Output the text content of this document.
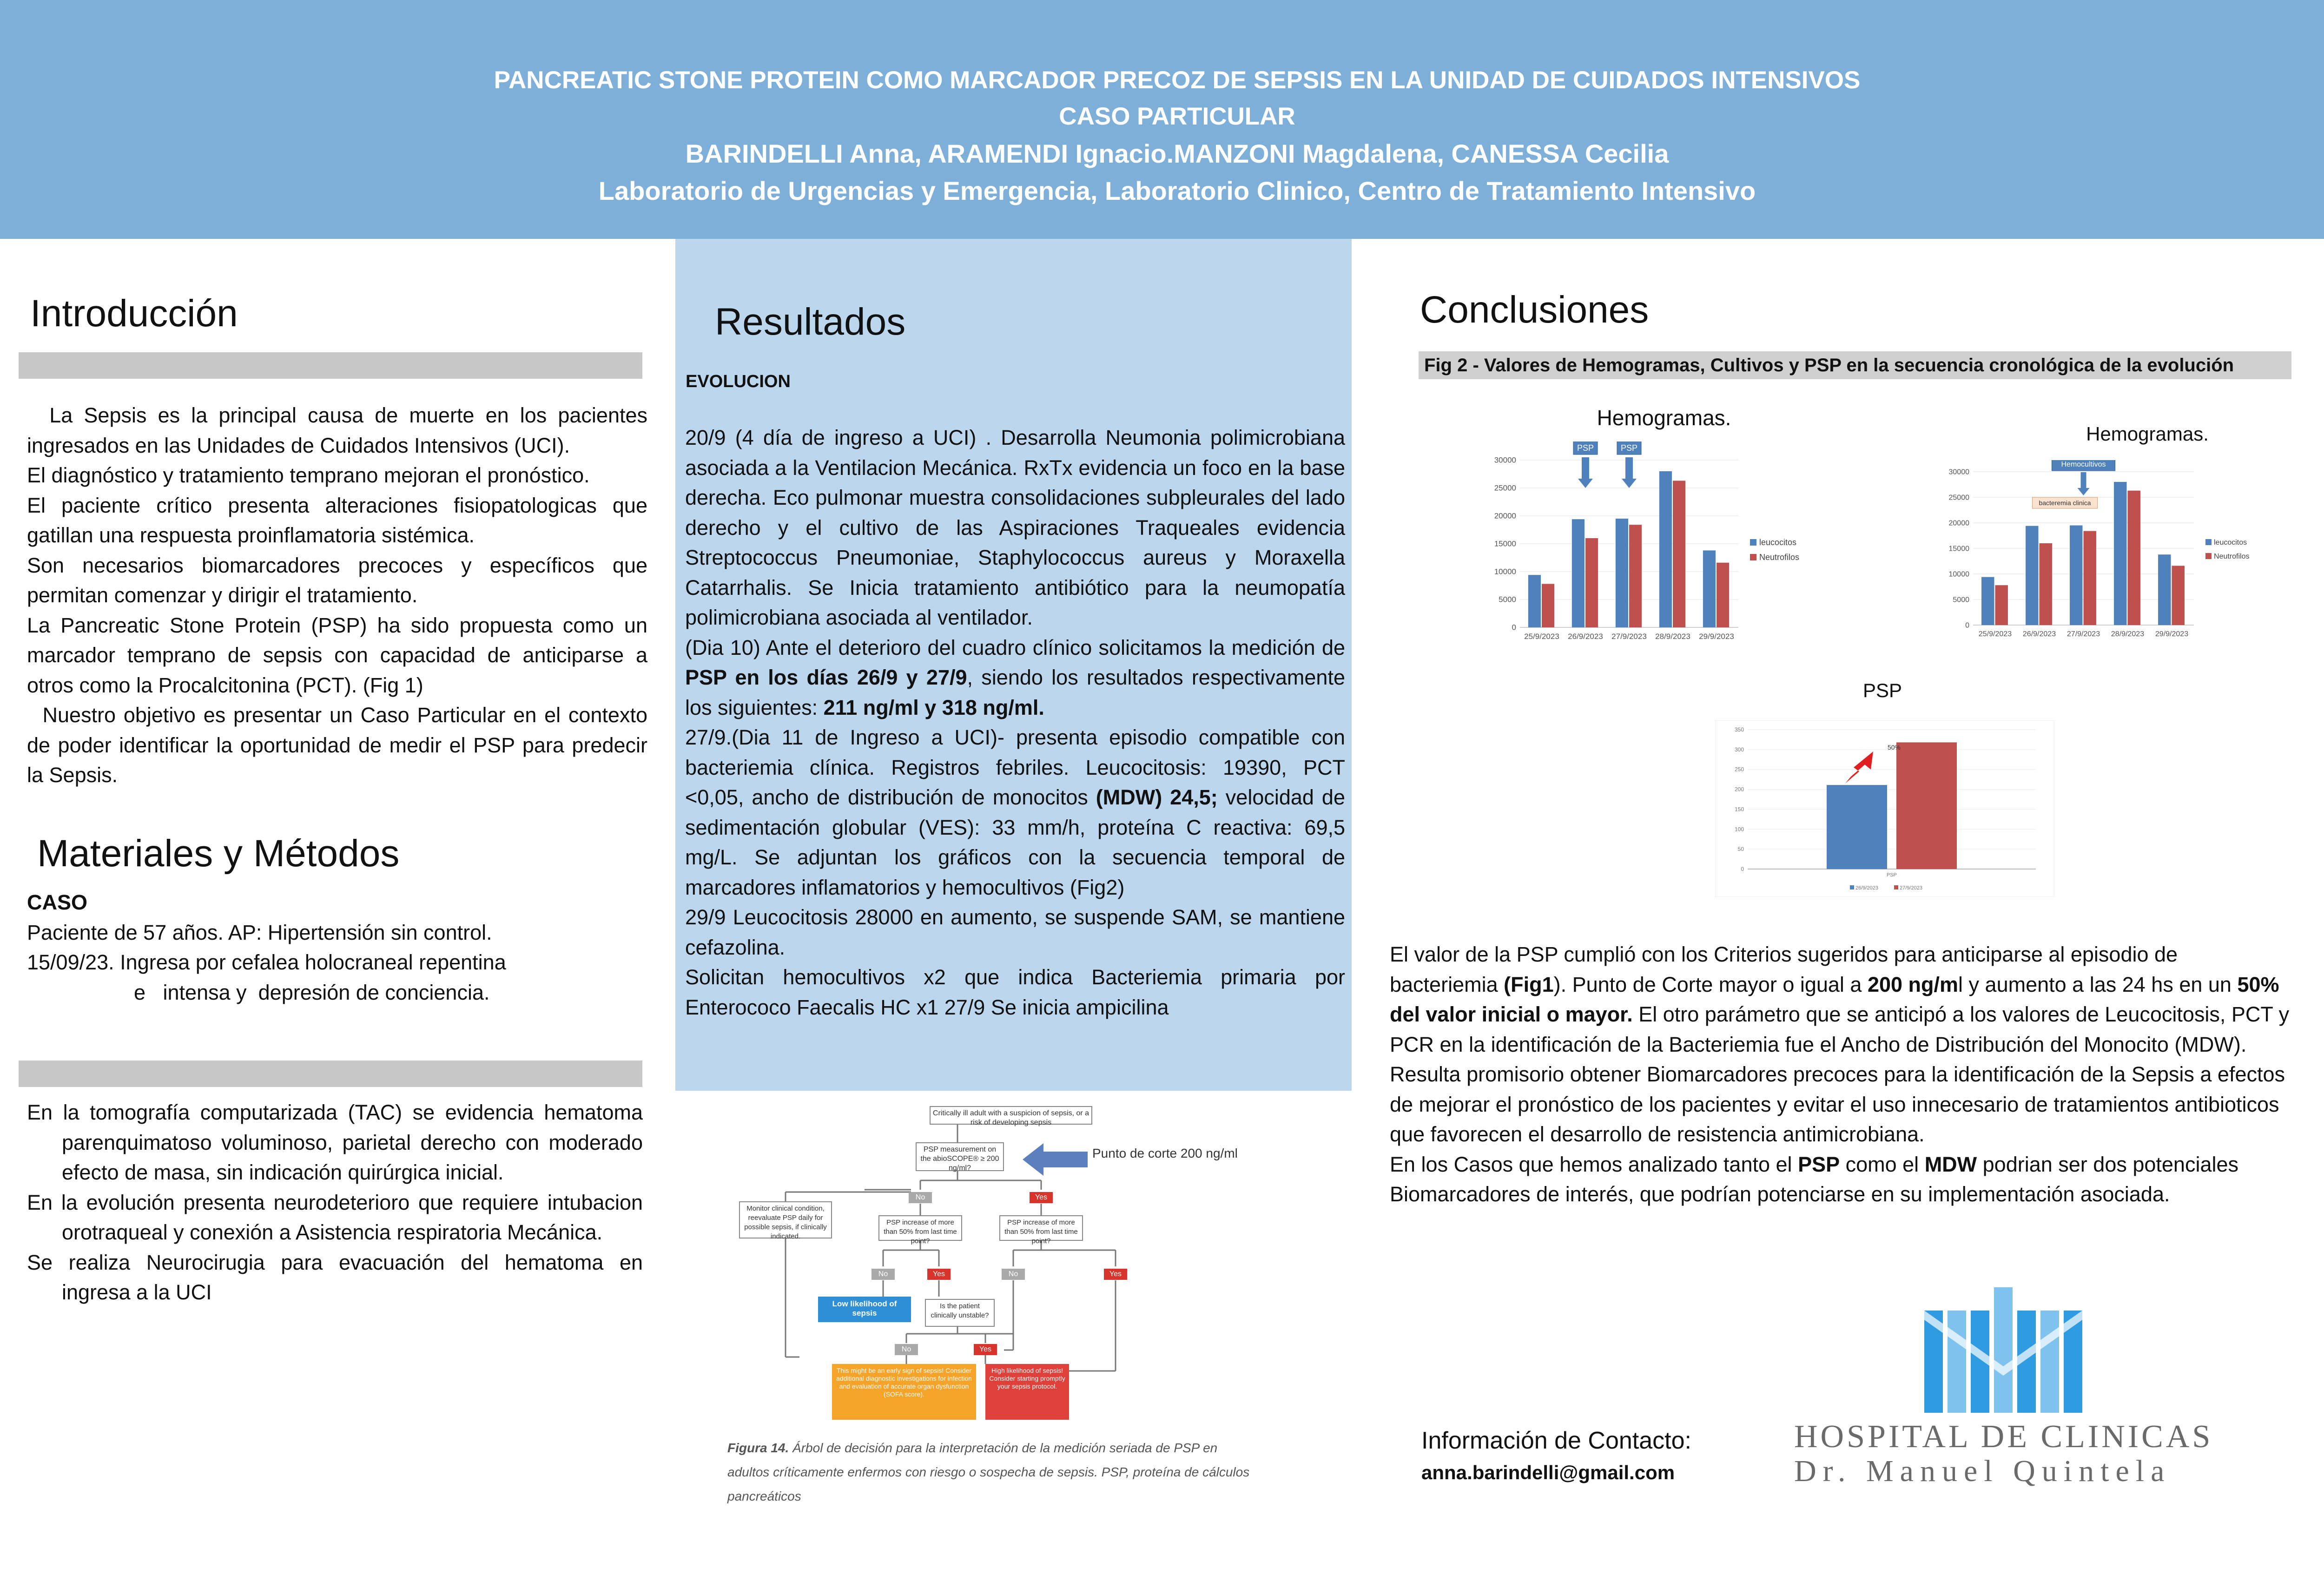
PANCREATIC STONE PROTEIN COMO MARCADOR PRECOZ DE SEPSIS EN LA UNIDAD DE CUIDADOS INTENSIVOS
CASO PARTICULAR
BARINDELLI Anna, ARAMENDI Ignacio.MANZONI Magdalena, CANESSA Cecilia
Laboratorio de Urgencias y Emergencia, Laboratorio Clinico, Centro de Tratamiento Intensivo
Introducción

La Sepsis es la principal causa de muerte en los pacientes ingresados en las Unidades de Cuidados Intensivos (UCI).

El diagnóstico y tratamiento temprano mejoran el pronóstico.

El paciente crítico presenta alteraciones fisiopatologicas que gatillan una respuesta proinflamatoria sistémica.

Son necesarios biomarcadores precoces y específicos que permitan comenzar y dirigir el tratamiento.

La Pancreatic Stone Protein (PSP) ha sido propuesta como un marcador temprano de sepsis con capacidad de anticiparse a otros como la Procalcitonina (PCT). (Fig 1)

Nuestro objetivo es presentar un Caso Particular en el contexto de poder identificar la oportunidad de medir el PSP para predecir la Sepsis.

Materiales y Métodos

CASO

Paciente de 57 años. AP: Hipertensión sin control.

15/09/23. Ingresa por cefalea holocraneal repentina

e   intensa y  depresión de conciencia.

En la tomografía computarizada (TAC) se evidencia hematoma parenquimatoso voluminoso, parietal derecho con moderado efecto de masa, sin indicación quirúrgica inicial.

En la evolución presenta neurodeterioro que requiere intubacion orotraqueal y conexión a Asistencia respiratoria Mecánica.

Se realiza Neurocirugia para evacuación del hematoma en ingresa a la UCI

Resultados
EVOLUCION

20/9 (4 día de ingreso a UCI) . Desarrolla Neumonia polimicrobiana asociada a la Ventilacion Mecánica. RxTx evidencia un foco en la base derecha. Eco pulmonar muestra consolidaciones subpleurales del lado derecho y el cultivo de las Aspiraciones Traqueales evidencia Streptococcus Pneumoniae, Staphylococcus aureus y Moraxella Catarrhalis. Se Inicia tratamiento antibiótico para la neumopatía polimicrobiana asociada al ventilador.

(Dia 10) Ante el deterioro del cuadro clínico solicitamos la medición de PSP en los días 26/9 y 27/9, siendo los resultados respectivamente los siguientes: 211 ng/ml y 318 ng/ml.

27/9.(Dia 11 de Ingreso a UCI)- presenta episodio compatible con bacteriemia clínica. Registros febriles. Leucocitosis: 19390, PCT <0,05, ancho de distribución de monocitos (MDW) 24,5; velocidad de sedimentación globular (VES): 33 mm/h, proteína C reactiva: 69,5 mg/L. Se adjuntan los gráficos con la secuencia temporal de marcadores inflamatorios y hemocultivos (Fig2)

29/9 Leucocitosis 28000 en aumento, se suspende SAM, se mantiene cefazolina.

Solicitan hemocultivos x2 que indica Bacteriemia primaria por Enterococo Faecalis HC x1 27/9 Se inicia ampicilina

Critically ill adult with a suspicion of sepsis, or a risk of developing sepsis
PSP measurement on the abioSCOPE® ≥ 200 ng/ml?
Punto de corte 200 ng/ml
No	Yes
Monitor clinical condition, reevaluate PSP daily for possible sepsis, if clinically indicated.
PSP increase of more than 50% from last time point?
PSP increase of more than 50% from last time point?
No	Yes	No	Yes
Low likelihood of sepsis
Is the patient clinically unstable?
No	Yes
This might be an early sign of sepsis! Consider additional diagnostic investigations for infection and evaluation of accurate organ dysfunction (SOFA score).
High likelihood of sepsis! Consider starting promptly your sepsis protocol.
Figura 14. Árbol de decisión para la interpretación de la medición seriada de PSP en adultos críticamente enfermos con riesgo o sospecha de sepsis. PSP, proteína de cálculos pancreáticos
Conclusiones
Fig 2 - Valores de Hemogramas, Cultivos y PSP en la secuencia cronológica de la evolución
Hemogramas.
0
5000
10000
15000
20000
25000
30000
25/9/2023 26/9/2023 27/9/2023 28/9/2023 29/9/2023
leucocitos
Neutrofilos
PSP	PSP
Hemogramas.
0
5000
10000
15000
20000
25000
30000
25/9/2023 26/9/2023 27/9/2023 28/9/2023 29/9/2023
leucocitos
Neutrofilos
Hemocultivos
bacteremia clinica
PSP
0
50
100
150
200
250
300
350
PSP
26/9/2023	27/9/2023
50%

El valor de la PSP cumplió con los Criterios sugeridos para anticiparse al episodio de bacteriemia (Fig1). Punto de Corte mayor o igual a 200 ng/ml y aumento a las 24 hs en un 50% del valor inicial o mayor. El otro parámetro que se anticipó a los valores de Leucocitosis, PCT y PCR en la identificación de la Bacteriemia fue el Ancho de Distribución del Monocito (MDW).

Resulta promisorio obtener Biomarcadores precoces para la identificación de la Sepsis a efectos de mejorar el pronóstico de los pacientes y evitar el uso innecesario de tratamientos antibioticos que favorecen el desarrollo de resistencia antimicrobiana.

En los Casos que hemos analizado tanto el PSP como el MDW podrian ser dos potenciales Biomarcadores de interés, que podrían potenciarse en su implementación asociada.

Información de Contacto:
anna.barindelli@gmail.com
HOSPITAL DE CLINICAS
Dr. Manuel Quintela
